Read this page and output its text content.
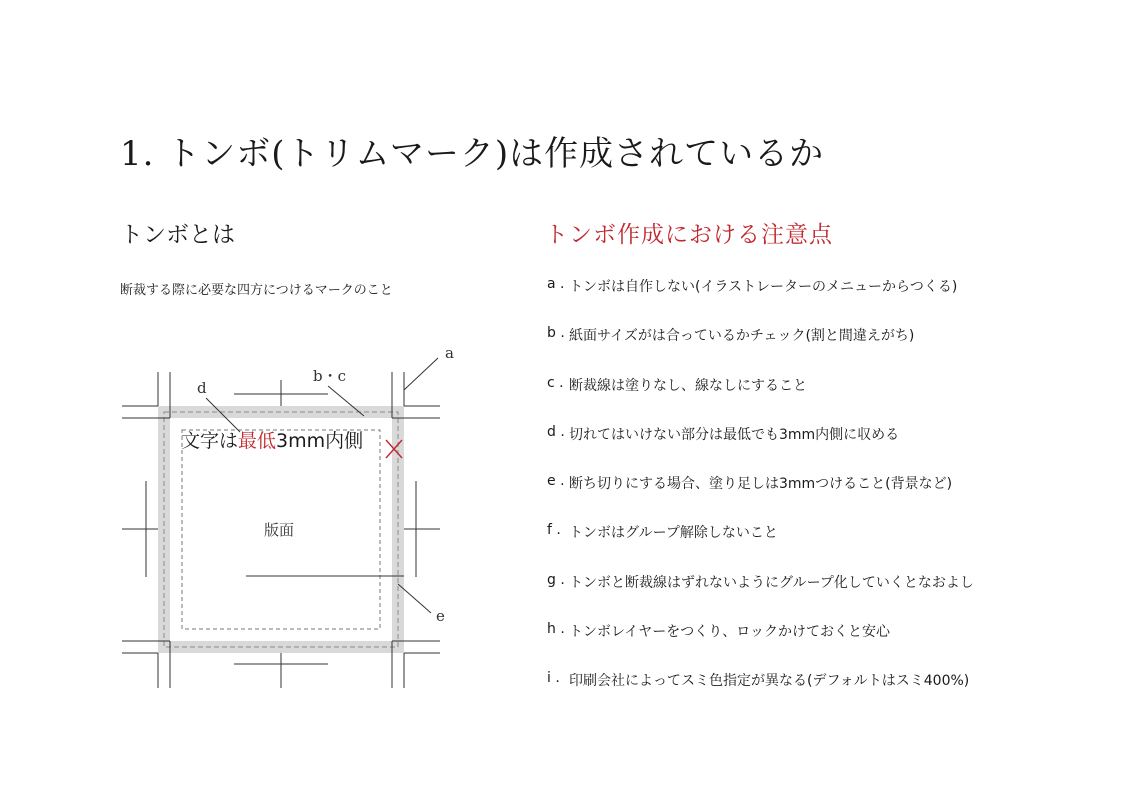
1. トンボ(トリムマーク)は作成されているか
トンボとは
断裁する際に必要な四方につけるマークのこと
トンボ作成における注意点
a . トンボは自作しない(イラストレーターのメニューからつくる)
b . 紙面サイズがは合っているかチェック(割と間違えがち)
c . 断裁線は塗りなし、線なしにすること
d . 切れてはいけない部分は最低でも3mm内側に収める
e . 断ち切りにする場合、塗り足しは3mmつけること(背景など)
f . トンボはグループ解除しないこと
g . トンボと断裁線はずれないようにグループ化していくとなおよし
h . トンボレイヤーをつくり、ロックかけておくと安心
i . 印刷会社によってスミ色指定が異なる(デフォルトはスミ400%)
a
b・c
d
e
文字は最低3mm内側
版面
